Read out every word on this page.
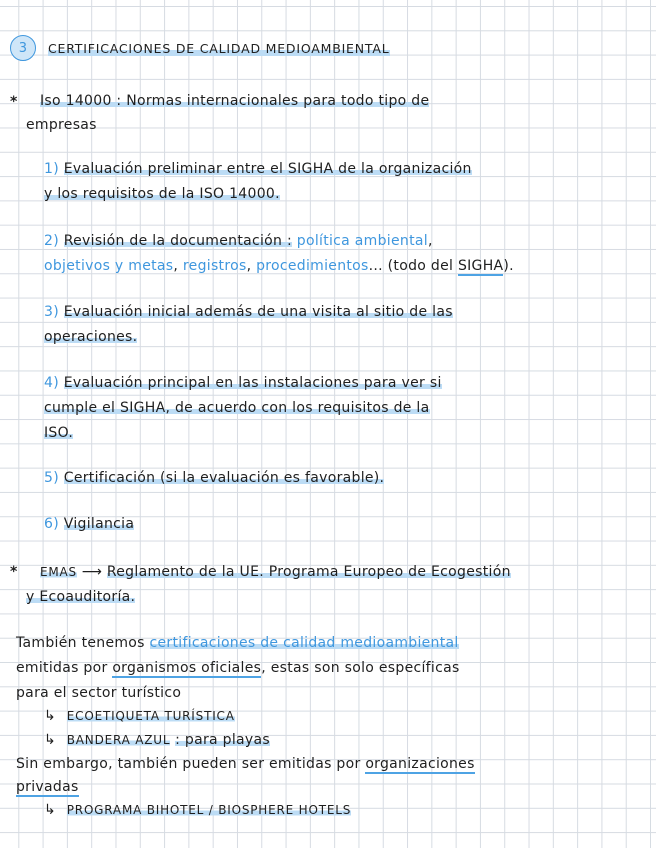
3	CERTIFICACIONES DE CALIDAD MEDIOAMBIENTAL
* Iso 14000 : Normas internacionales para todo tipo de
empresas
1) Evaluación preliminar entre el SIGHA de la organización
y los requisitos de la ISO 14000.
2) Revisión de la documentación : política ambiental,
objetivos y metas, registros, procedimientos... (todo del SIGHA).
3) Evaluación inicial además de una visita al sitio de las
operaciones.
4) Evaluación principal en las instalaciones para ver si
cumple el SIGHA, de acuerdo con los requisitos de la
ISO.
5) Certificación (si la evaluación es favorable).
6) Vigilancia
* EMAS ⟶ Reglamento de la UE. Programa Europeo de Ecogestión
y Ecoauditoría.
También tenemos certificaciones de calidad medioambiental
emitidas por organismos oficiales, estas son solo específicas
para el sector turístico
↳ ECOETIQUETA TURÍSTICA
↳ BANDERA AZUL : para playas
Sin embargo, también pueden ser emitidas por organizaciones
privadas
↳ PROGRAMA BIHOTEL / BIOSPHERE HOTELS
